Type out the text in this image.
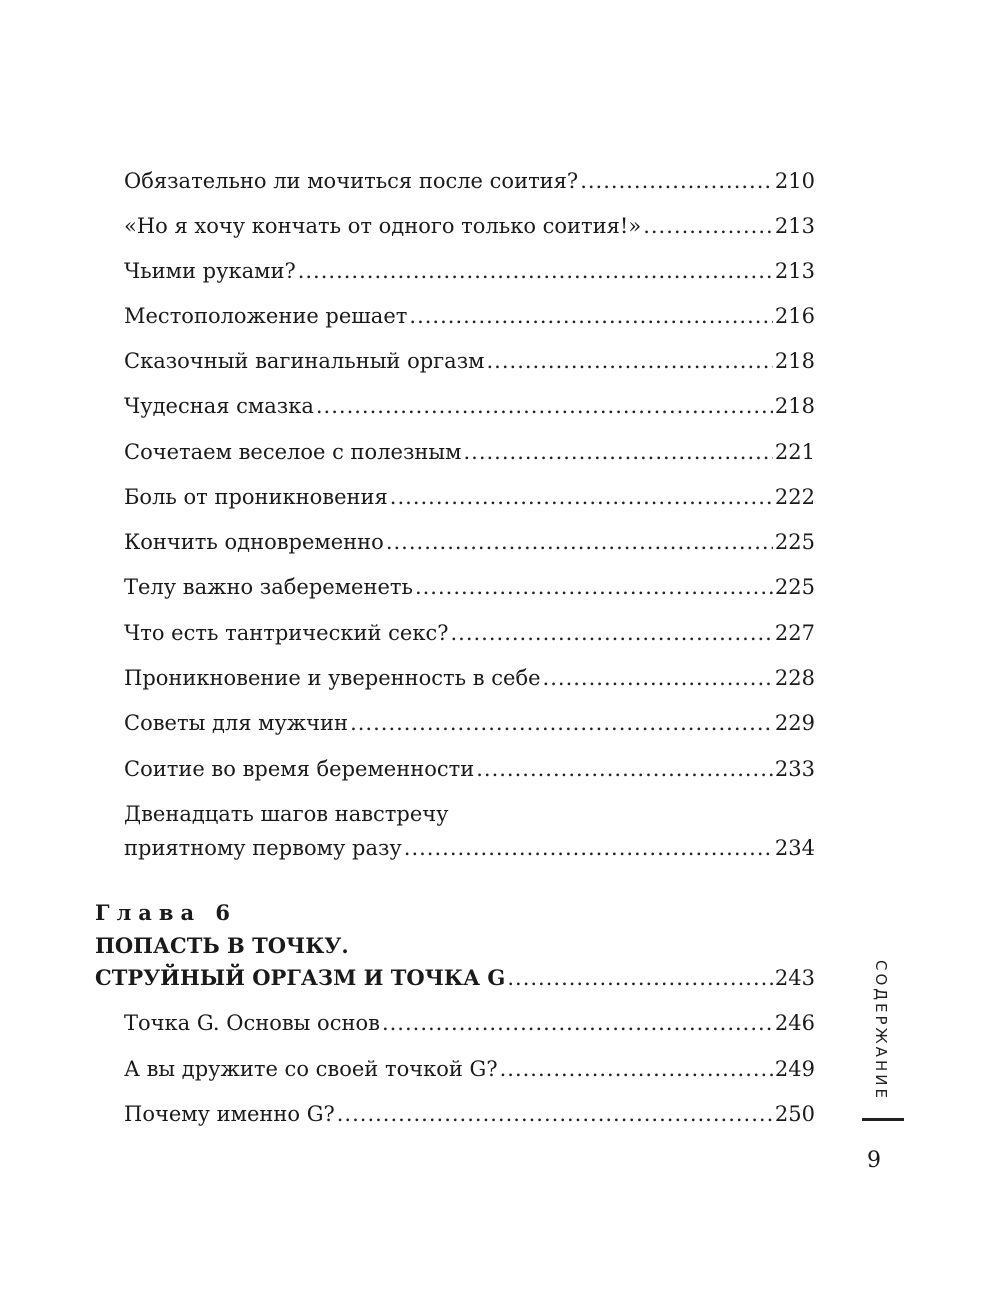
Обязательно ли мочиться после соития? .....	210
«Но я хочу кончать от одного только соития!» .....	213
Чьими руками? .....	213
Местоположение решает .....	216
Сказочный вагинальный оргазм .....	218
Чудесная смазка .....	218
Сочетаем веселое с полезным .....	221
Боль от проникновения .....	222
Кончить одновременно .....	225
Телу важно забеременеть .....	225
Что есть тантрический секс? .....	227
Проникновение и уверенность в себе .....	228
Советы для мужчин .....	229
Соитие во время беременности .....	233
Двенадцать шагов навстречу
приятному первому разу .....	234
Глава 6
ПОПАСТЬ В ТОЧКУ.
СТРУЙНЫЙ ОРГАЗМ И ТОЧКА G .....	243
Точка G. Основы основ .....	246
А вы дружите со своей точкой G? .....	249
Почему именно G? .....	250
СОДЕРЖАНИЕ
9
